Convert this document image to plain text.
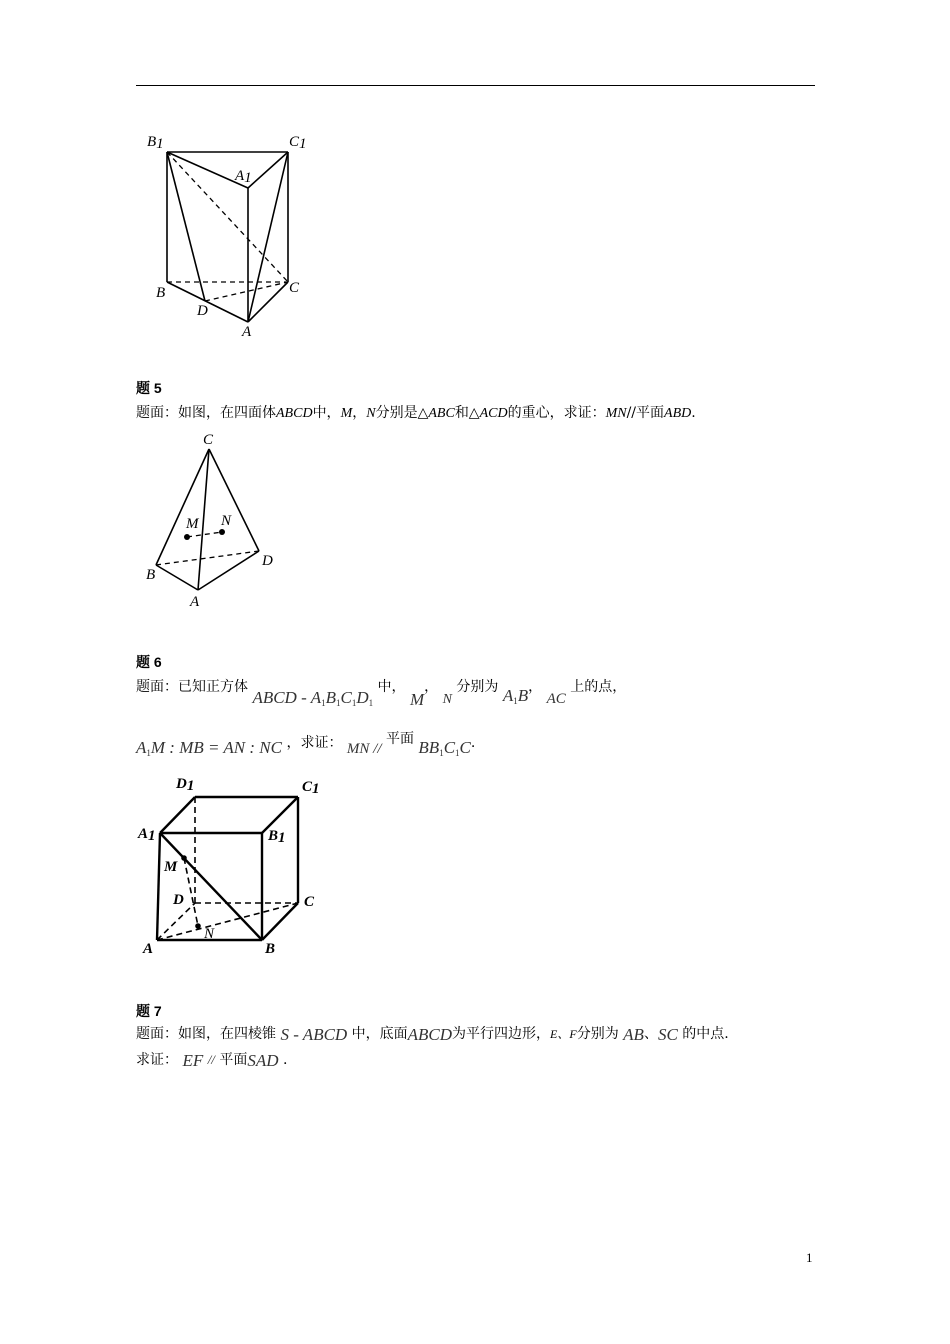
B1	C1
A1
B	C
D
A
题 5
题面：如图，在四面体ABCD中，M，N分别是△ABC和△ACD的重心，求证：MN//平面ABD.
C
M N
B
D
A
题 6
题面：已知正方体 ABCD - A1B1C1D1 中， M， N 分别为 A1B， AC 上的点，
A1M : MB = AN : NC ，求证： MN // 平面 BB1C1C.
D1	C1
A1	B1
M
D	C
N
A	B
题 7
题面：如图，在四棱锥 S - ABCD 中，底面ABCD为平行四边形，E、F分别为 AB、SC 的中点.
求证： EF // 平面SAD .
1
